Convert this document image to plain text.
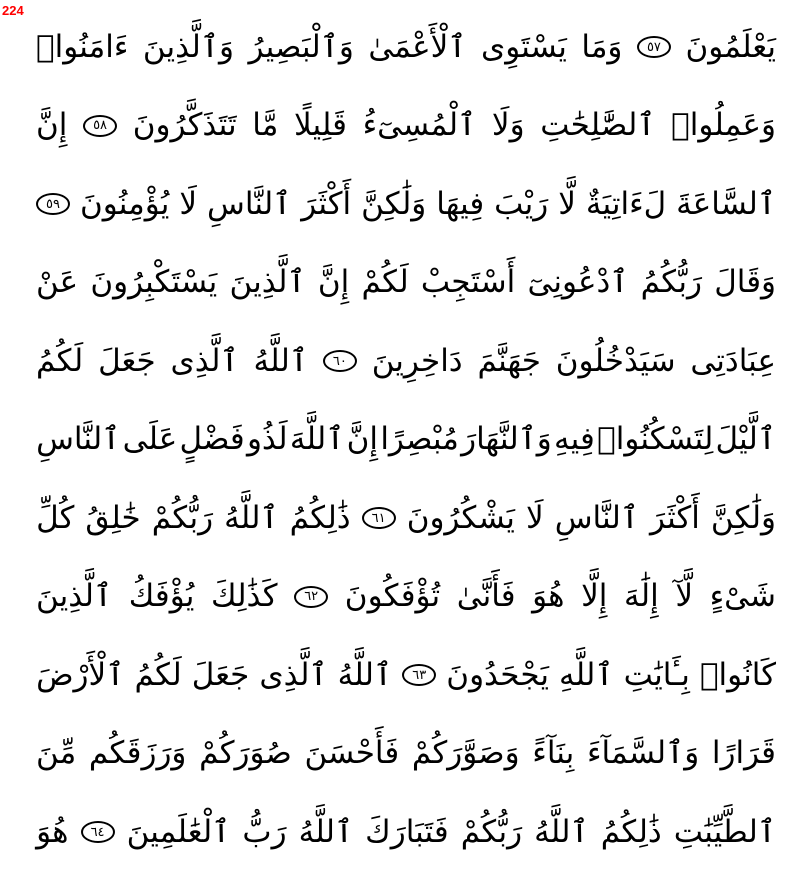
224
يَعْلَمُونَ
٥٧
وَمَا
يَسْتَوِى
ٱلْأَعْمَىٰ
وَٱلْبَصِيرُ
وَٱلَّذِينَ
ءَامَنُوا۟
وَعَمِلُوا۟
ٱلصَّٰلِحَٰتِ
وَلَا
ٱلْمُسِىٓءُ
قَلِيلًا
مَّا
تَتَذَكَّرُونَ
٥٨
إِنَّ
ٱلسَّاعَةَ
لَءَاتِيَةٌ
لَّا
رَيْبَ
فِيهَا
وَلَٰكِنَّ
أَكْثَرَ
ٱلنَّاسِ
لَا
يُؤْمِنُونَ
٥٩
وَقَالَ
رَبُّكُمُ
ٱدْعُونِىٓ
أَسْتَجِبْ
لَكُمْ
إِنَّ
ٱلَّذِينَ
يَسْتَكْبِرُونَ
عَنْ
عِبَادَتِى
سَيَدْخُلُونَ
جَهَنَّمَ
دَاخِرِينَ
٦٠
ٱللَّهُ
ٱلَّذِى
جَعَلَ
لَكُمُ
ٱلَّيْلَ
لِتَسْكُنُوا۟
فِيهِ
وَٱلنَّهَارَ
مُبْصِرًا
إِنَّ
ٱللَّهَ
لَذُو
فَضْلٍ
عَلَى
ٱلنَّاسِ
وَلَٰكِنَّ
أَكْثَرَ
ٱلنَّاسِ
لَا
يَشْكُرُونَ
٦١
ذَٰلِكُمُ
ٱللَّهُ
رَبُّكُمْ
خَٰلِقُ
كُلِّ
شَىْءٍ
لَّآ
إِلَٰهَ
إِلَّا
هُوَ
فَأَنَّىٰ
تُؤْفَكُونَ
٦٢
كَذَٰلِكَ
يُؤْفَكُ
ٱلَّذِينَ
كَانُوا۟
بِـَٔايَٰتِ
ٱللَّهِ
يَجْحَدُونَ
٦٣
ٱللَّهُ
ٱلَّذِى
جَعَلَ
لَكُمُ
ٱلْأَرْضَ
قَرَارًا
وَٱلسَّمَآءَ
بِنَآءً
وَصَوَّرَكُمْ
فَأَحْسَنَ
صُوَرَكُمْ
وَرَزَقَكُم
مِّنَ
ٱلطَّيِّبَٰتِ
ذَٰلِكُمُ
ٱللَّهُ
رَبُّكُمْ
فَتَبَارَكَ
ٱللَّهُ
رَبُّ
ٱلْعَٰلَمِينَ
٦٤
هُوَ
